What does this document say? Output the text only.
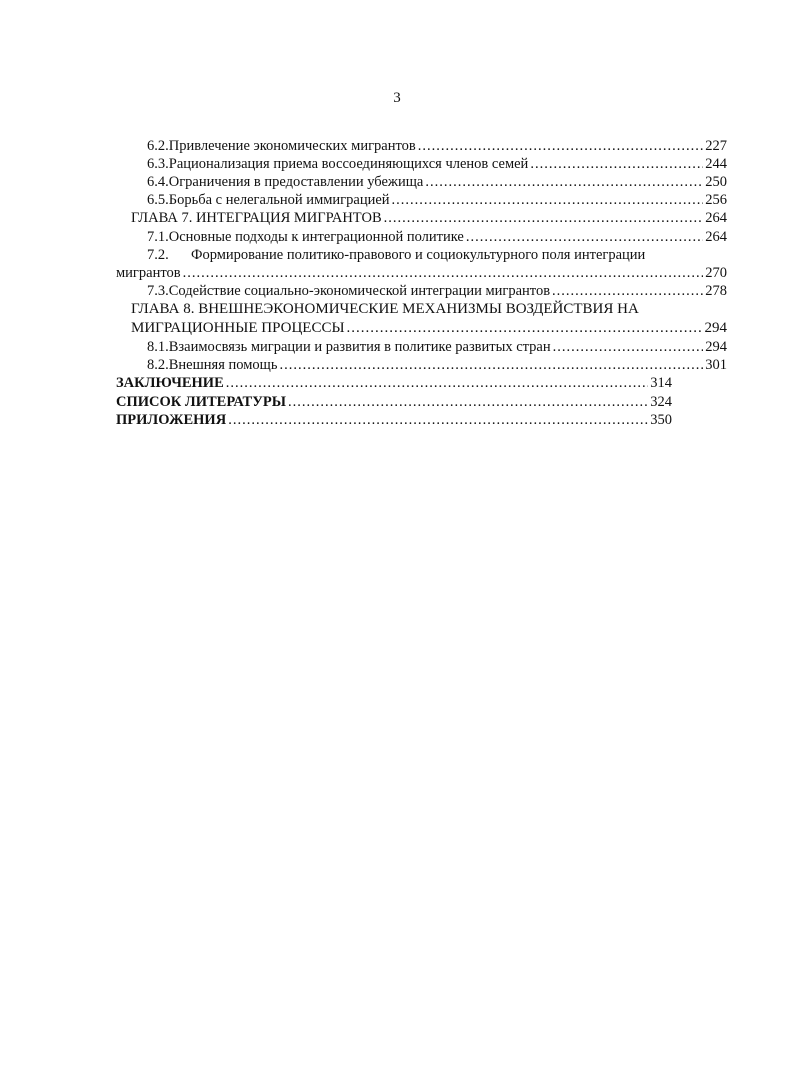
3
6.2. Привлечение экономических мигрантов .....	227
6.3. Рационализация приема воссоединяющихся членов семей .....	244
6.4. Ограничения в предоставлении убежища .....	250
6.5. Борьба с нелегальной иммиграцией .....	256
ГЛАВА 7. ИНТЕГРАЦИЯ МИГРАНТОВ .....	264
7.1. Основные подходы к интеграционной политике .....	264
7.2. Формирование политико-правового и социокультурного поля интеграции
мигрантов .....	270
7.3. Содействие социально-экономической интеграции мигрантов .....	278
ГЛАВА 8. ВНЕШНЕЭКОНОМИЧЕСКИЕ МЕХАНИЗМЫ ВОЗДЕЙСТВИЯ НА
МИГРАЦИОННЫЕ ПРОЦЕССЫ .....	294
8.1. Взаимосвязь миграции и развития в политике развитых стран .....	294
8.2. Внешняя помощь .....	301
ЗАКЛЮЧЕНИЕ .....	314
СПИСОК ЛИТЕРАТУРЫ .....	324
ПРИЛОЖЕНИЯ .....	350
